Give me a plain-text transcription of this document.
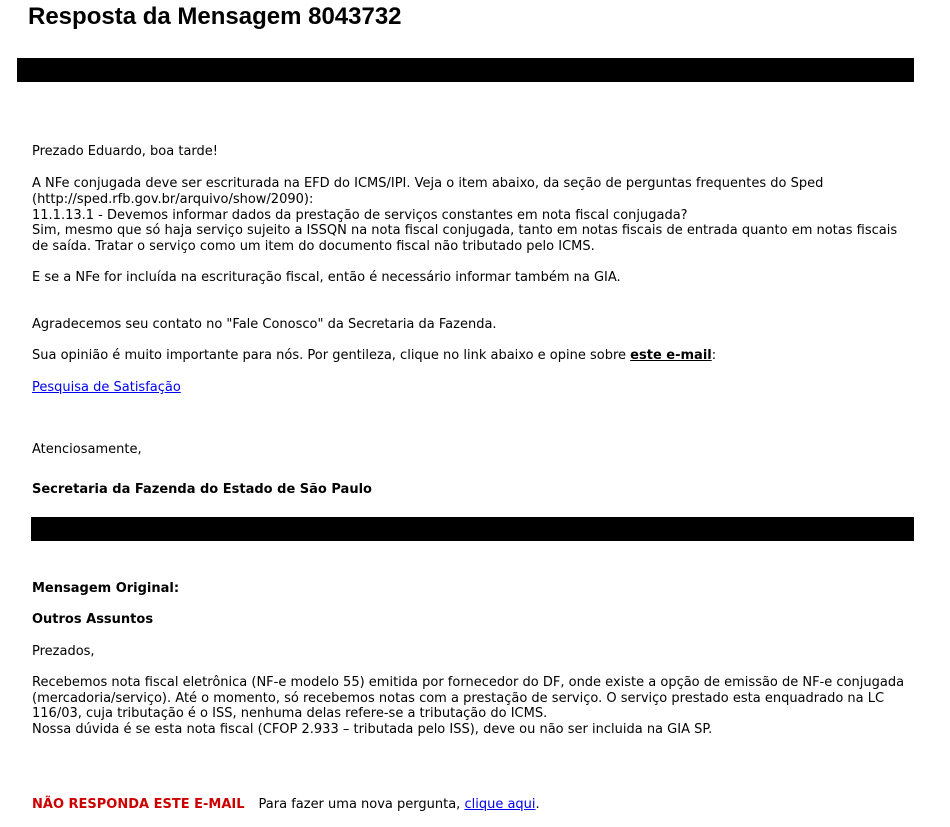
Resposta da Mensagem 8043732

Prezado Eduardo, boa tarde!

A NFe conjugada deve ser escriturada na EFD do ICMS/IPI. Veja o item abaixo, da seção de perguntas frequentes do Sped

(http://sped.rfb.gov.br/arquivo/show/2090):

11.1.13.1 - Devemos informar dados da prestação de serviços constantes em nota fiscal conjugada?

Sim, mesmo que só haja serviço sujeito a ISSQN na nota fiscal conjugada, tanto em notas fiscais de entrada quanto em notas fiscais

de saída. Tratar o serviço como um item do documento fiscal não tributado pelo ICMS.

E se a NFe for incluída na escrituração fiscal, então é necessário informar também na GIA.

Agradecemos seu contato no "Fale Conosco" da Secretaria da Fazenda.

Sua opinião é muito importante para nós. Por gentileza, clique no link abaixo e opine sobre este e-mail:

Pesquisa de Satisfação

Atenciosamente,

Secretaria da Fazenda do Estado de São Paulo

Mensagem Original:

Outros Assuntos

Prezados,

Recebemos nota fiscal eletrônica (NF-e modelo 55) emitida por fornecedor do DF, onde existe a opção de emissão de NF-e conjugada

(mercadoria/serviço). Até o momento, só recebemos notas com a prestação de serviço. O serviço prestado esta enquadrado na LC

116/03, cuja tributação é o ISS, nenhuma delas refere-se a tributação do ICMS.

Nossa dúvida é se esta nota fiscal (CFOP 2.933 – tributada pelo ISS), deve ou não ser incluida na GIA SP.

NÃO RESPONDA ESTE E-MAIL Para fazer uma nova pergunta, clique aqui.
